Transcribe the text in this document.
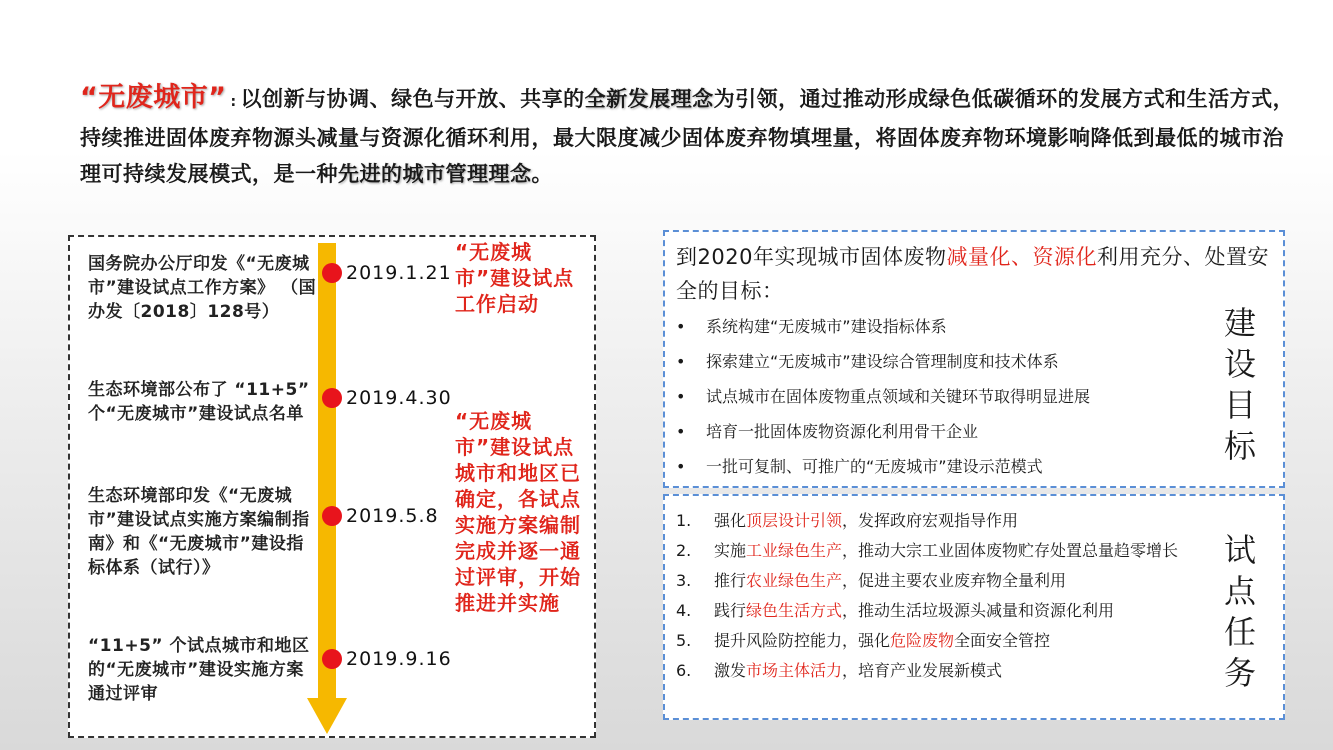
“无废城市” : 以创新与协调、绿色与开放、共享的全新发展理念为引领，通过推动形成绿色低碳循环的发展方式和生活方式，持续推进固体废弃物源头减量与资源化循环利用，最大限度减少固体废弃物填埋量，将固体废弃物环境影响降低到最低的城市治理可持续发展模式，是一种先进的城市管理理念。
国务院办公厅印发《“无废城市”建设试点工作方案》 （国办发〔2018〕128号）
2019.1.21
生态环境部公布了 “11+5” 个“无废城市”建设试点名单
2019.4.30
生态环境部印发《“无废城市”建设试点实施方案编制指南》和《“无废城市”建设指标体系（试行）》
2019.5.8
“11+5” 个试点城市和地区的“无废城市”建设实施方案通过评审
2019.9.16
“无废城市”建设试点工作启动
“无废城市”建设试点城市和地区已确定，各试点实施方案编制完成并逐一通过评审，开始推进并实施
到2020年实现城市固体废物减量化、资源化利用充分、处置安全的目标：
• 系统构建“无废城市”建设指标体系
• 探索建立“无废城市”建设综合管理制度和技术体系
• 试点城市在固体废物重点领域和关键环节取得明显进展
• 培育一批固体废物资源化利用骨干企业
• 一批可复制、可推广的“无废城市”建设示范模式
建
设
目
标
1. 强化顶层设计引领，发挥政府宏观指导作用
2. 实施工业绿色生产，推动大宗工业固体废物贮存处置总量趋零增长
3. 推行农业绿色生产，促进主要农业废弃物全量利用
4. 践行绿色生活方式，推动生活垃圾源头减量和资源化利用
5. 提升风险防控能力，强化危险废物全面安全管控
6. 激发市场主体活力，培育产业发展新模式
试
点
任
务
